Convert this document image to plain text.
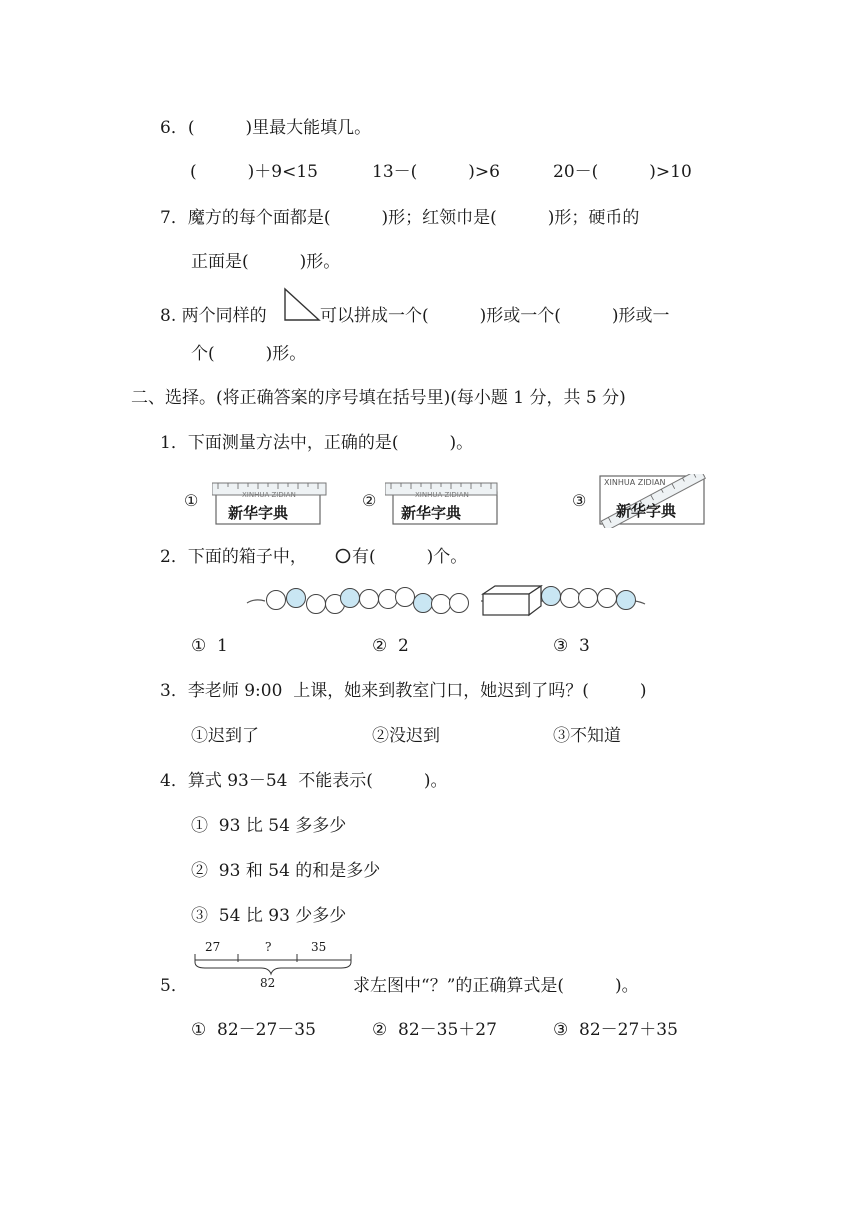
6．(　　　)里最大能填几。
(　　　)＋9<15	13－(　　　)>6	20－(　　　)>10
7．魔方的每个面都是(　　　)形；红领巾是(　　　)形；硬币的
正面是(　　　)形。
8. 两个同样的	可以拼成一个(　　　)形或一个(　　　)形或一
个(　　　)形。
二、选择。(将正确答案的序号填在括号里)(每小题 1 分，共 5 分)
1．下面测量方法中，正确的是(　　　)。
①	XINHUA ZIDIAN
新华字典
②	XINHUA ZIDIAN
新华字典
③
XINHUA ZIDIAN
新华字典
2．下面的箱子中，	有(　　　)个。
①  1	②  2	③  3
3．李老师 9:00  上课，她来到教室门口，她迟到了吗？(　　　)
①迟到了	②没迟到	③不知道
4．算式 93－54  不能表示(　　　)。
①  93 比 54 多多少
②  93 和 54 的和是多少
③  54 比 93 少多少
5．
27	?	35
82	求左图中“？”的正确算式是(　　　)。
①  82－27－35	②  82－35＋27	③  82－27＋35
